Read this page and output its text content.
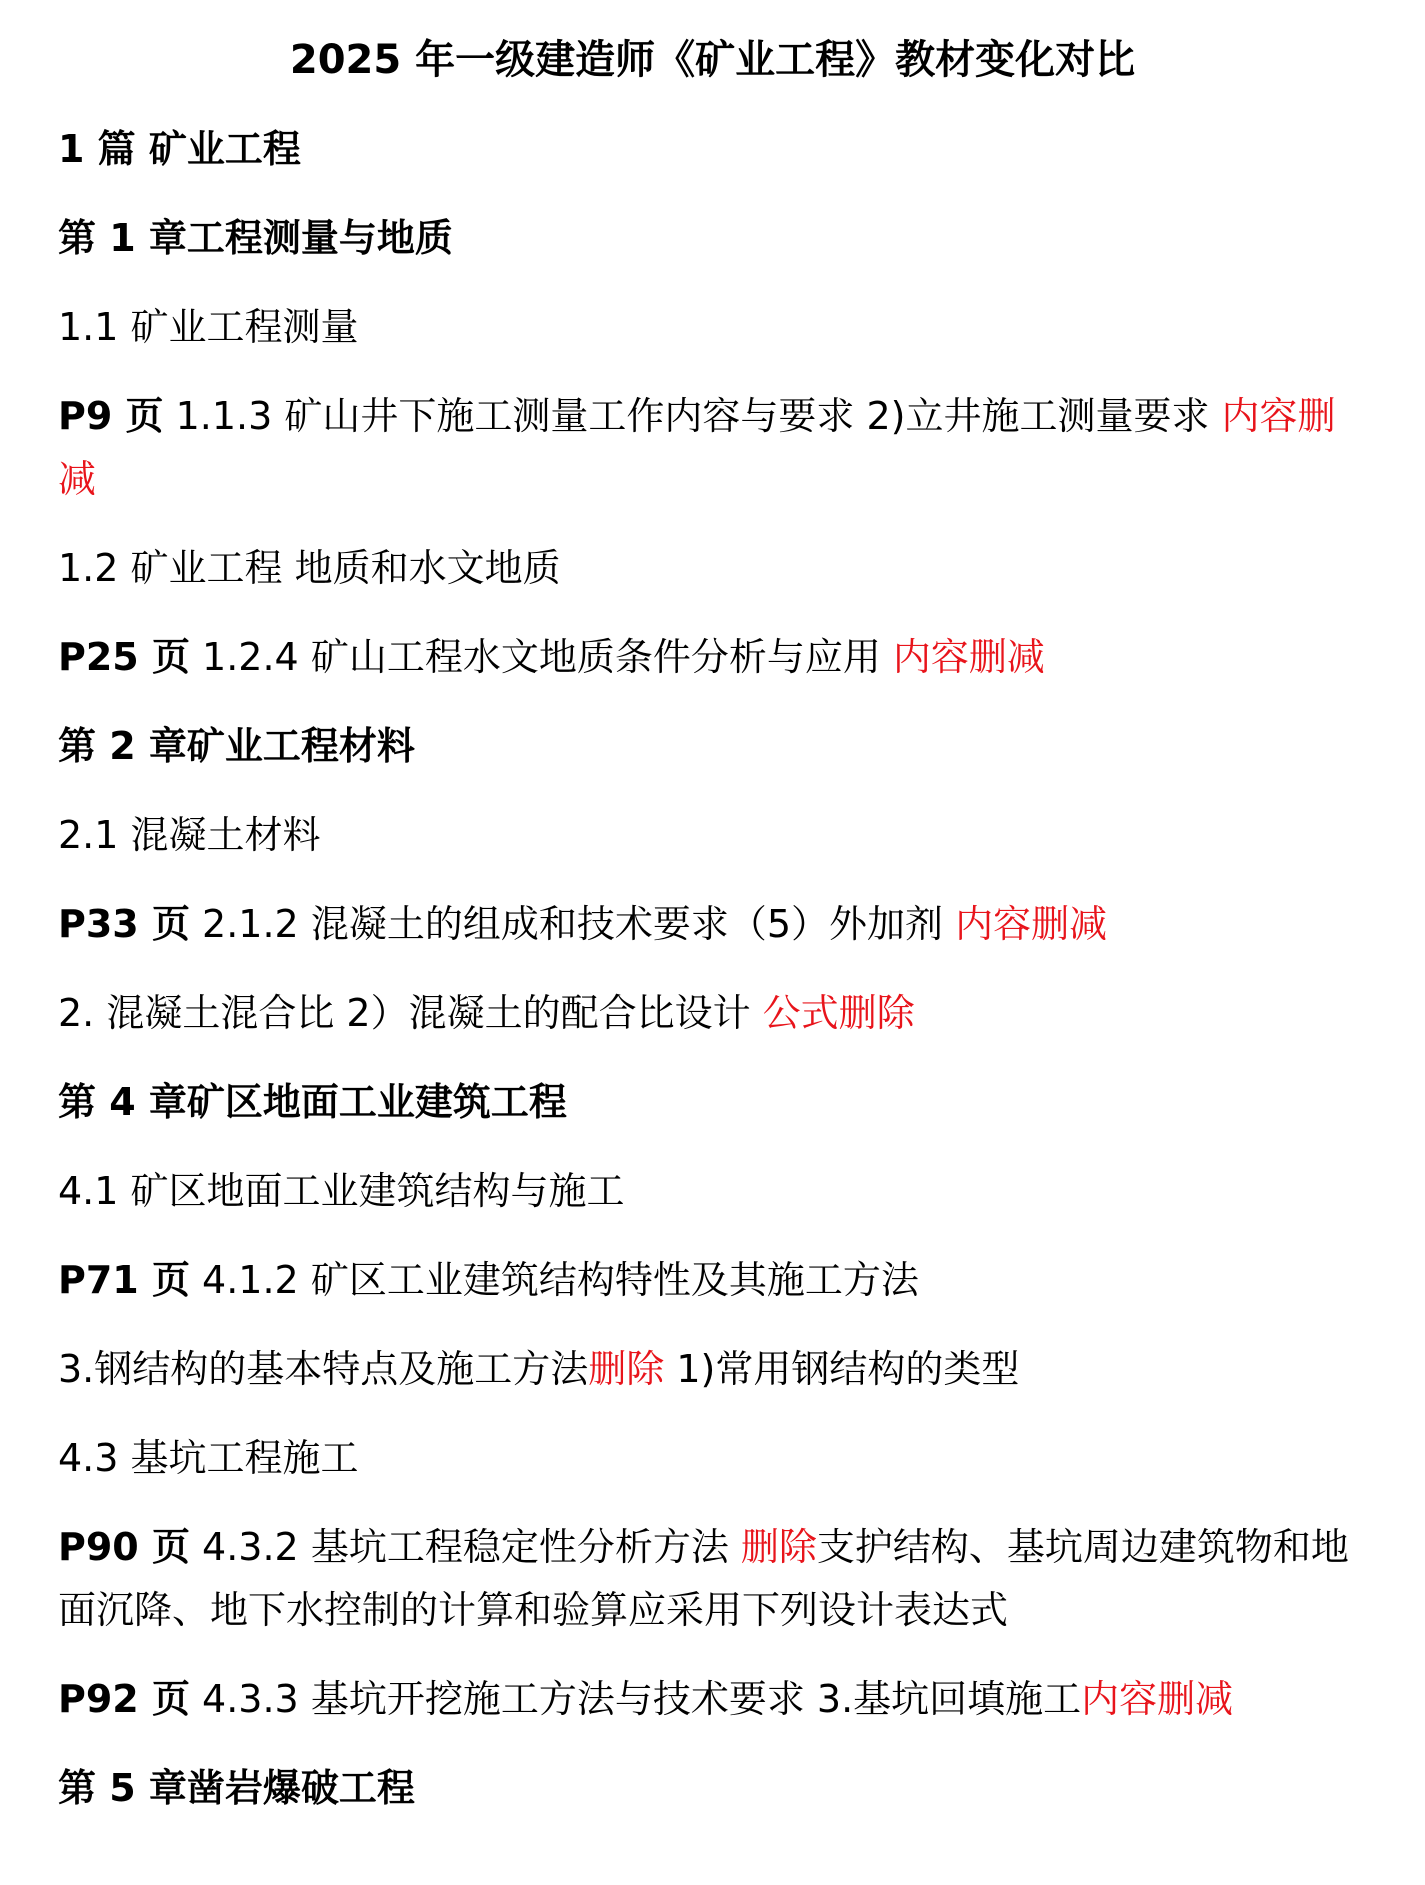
2025 年一级建造师《矿业工程》教材变化对比
1 篇 矿业工程
第 1 章工程测量与地质
1.1 矿业工程测量
P9 页 1.1.3 矿山井下施工测量工作内容与要求 2)立井施工测量要求 内容删减
1.2 矿业工程 地质和水文地质
P25 页 1.2.4 矿山工程水文地质条件分析与应用 内容删减
第 2 章矿业工程材料
2.1 混凝土材料
P33 页 2.1.2 混凝土的组成和技术要求（5）外加剂 内容删减
2. 混凝土混合比 2）混凝土的配合比设计 公式删除
第 4 章矿区地面工业建筑工程
4.1 矿区地面工业建筑结构与施工
P71 页 4.1.2 矿区工业建筑结构特性及其施工方法
3.钢结构的基本特点及施工方法删除 1)常用钢结构的类型
4.3 基坑工程施工
P90 页 4.3.2 基坑工程稳定性分析方法 删除支护结构、基坑周边建筑物和地面沉降、地下水控制的计算和验算应采用下列设计表达式
P92 页 4.3.3 基坑开挖施工方法与技术要求 3.基坑回填施工内容删减
第 5 章凿岩爆破工程
